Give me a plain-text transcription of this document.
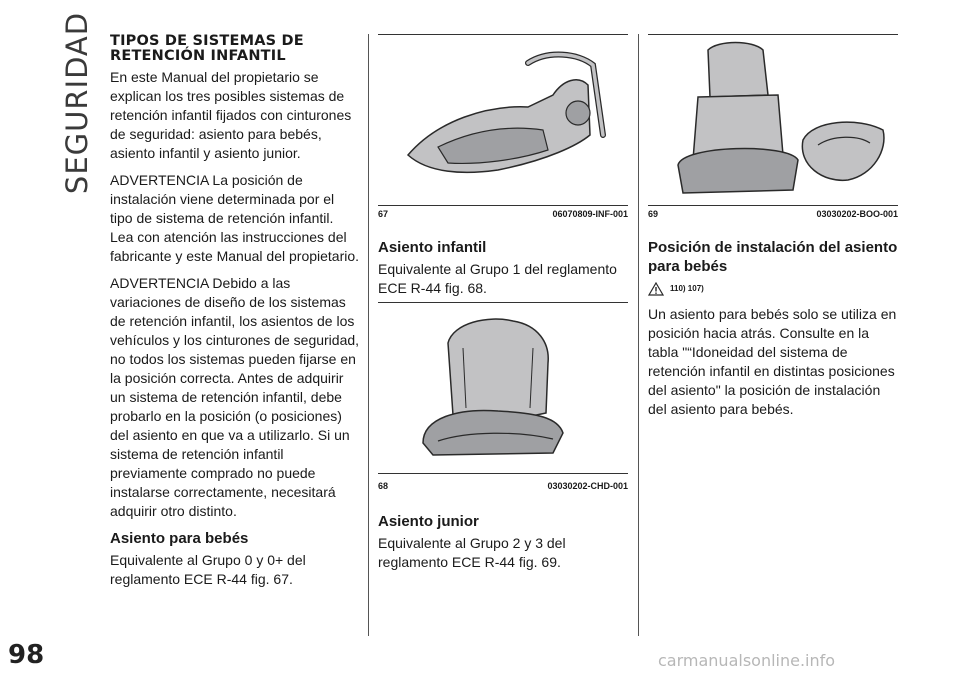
SEGURIDAD TIPOS DE SISTEMAS DE RETENCIÓN INFANTIL

En este Manual del propietario se explican los tres posibles sistemas de retención infantil fijados con cinturones de seguridad: asiento para bebés, asiento infantil y asiento junior.

ADVERTENCIA La posición de instalación viene determinada por el tipo de sistema de retención infantil. Lea con atención las instrucciones del fabricante y este Manual del propietario.

ADVERTENCIA Debido a las variaciones de diseño de los sistemas de retención infantil, los asientos de los vehículos y los cinturones de seguridad, no todos los sistemas pueden fijarse en la posición correcta. Antes de adquirir un sistema de retención infantil, debe probarlo en la posición (o posiciones) del asiento en que va a utilizarlo. Si un sistema de retención infantil previamente comprado no puede instalarse correctamente, necesitará adquirir otro distinto.

Asiento para bebés

Equivalente al Grupo 0 y 0+ del reglamento ECE R-44 fig. 67.

67	06070809-INF-001
Asiento infantil

Equivalente al Grupo 1 del reglamento ECE R-44 fig. 68.

68	03030202-CHD-001
Asiento junior

Equivalente al Grupo 2 y 3 del reglamento ECE R-44 fig. 69.

69	03030202-BOO-001
Posición de instalación del asiento para bebés
110) 107)

Un asiento para bebés solo se utiliza en posición hacia atrás. Consulte en la tabla "“Idoneidad del sistema de retención infantil en distintas posiciones del asiento" la posición de instalación del asiento para bebés.

98	carmanualsonline.info
